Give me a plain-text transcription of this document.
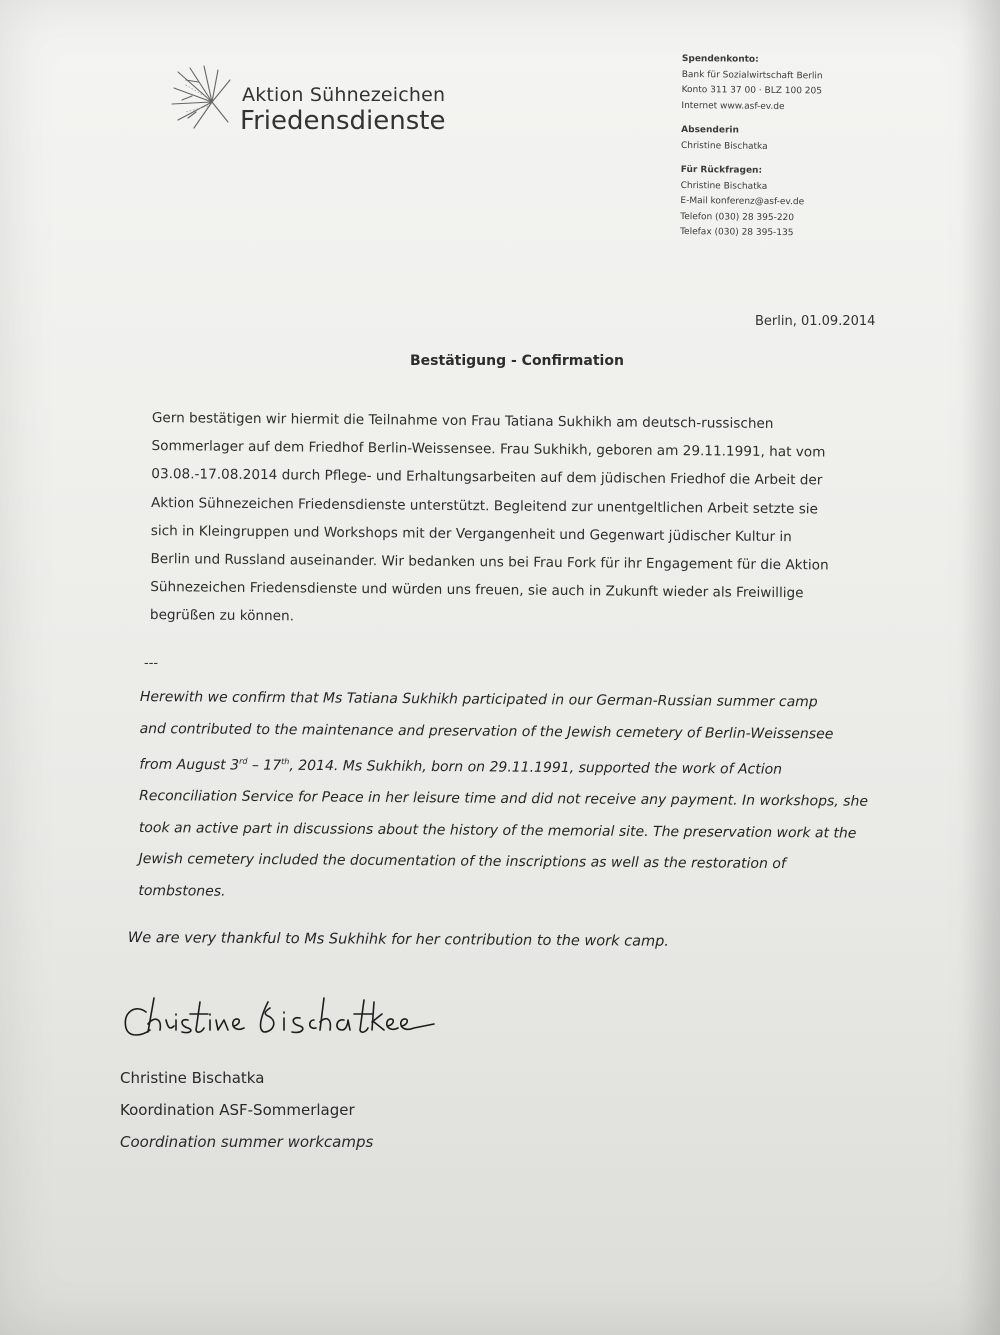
Aktion Sühnezeichen
Friedensdienste
Spendenkonto:
Bank für Sozialwirtschaft Berlin
Konto 311 37 00 · BLZ 100 205
Internet www.asf-ev.de
Absenderin
Christine Bischatka
Für Rückfragen:
Christine Bischatka
E-Mail konferenz@asf-ev.de
Telefon (030) 28 395-220
Telefax (030) 28 395-135
Berlin, 01.09.2014
Bestätigung - Confirmation
Gern bestätigen wir hiermit die Teilnahme von Frau Tatiana Sukhikh am deutsch-russischen
Sommerlager auf dem Friedhof Berlin-Weissensee. Frau Sukhikh, geboren am 29.11.1991, hat vom
03.08.-17.08.2014 durch Pflege- und Erhaltungsarbeiten auf dem jüdischen Friedhof die Arbeit der
Aktion Sühnezeichen Friedensdienste unterstützt. Begleitend zur unentgeltlichen Arbeit setzte sie
sich in Kleingruppen und Workshops mit der Vergangenheit und Gegenwart jüdischer Kultur in
Berlin und Russland auseinander. Wir bedanken uns bei Frau Fork für ihr Engagement für die Aktion
Sühnezeichen Friedensdienste und würden uns freuen, sie auch in Zukunft wieder als Freiwillige
begrüßen zu können.
---
Herewith we confirm that Ms Tatiana Sukhikh participated in our German-Russian summer camp
and contributed to the maintenance and preservation of the Jewish cemetery of Berlin-Weissensee
from August 3rd – 17th, 2014. Ms Sukhikh, born on 29.11.1991, supported the work of Action
Reconciliation Service for Peace in her leisure time and did not receive any payment. In workshops, she
took an active part in discussions about the history of the memorial site. The preservation work at the
Jewish cemetery included the documentation of the inscriptions as well as the restoration of
tombstones.
We are very thankful to Ms Sukhihk for her contribution to the work camp.
Christine Bischatka
Koordination ASF-Sommerlager
Coordination summer workcamps
